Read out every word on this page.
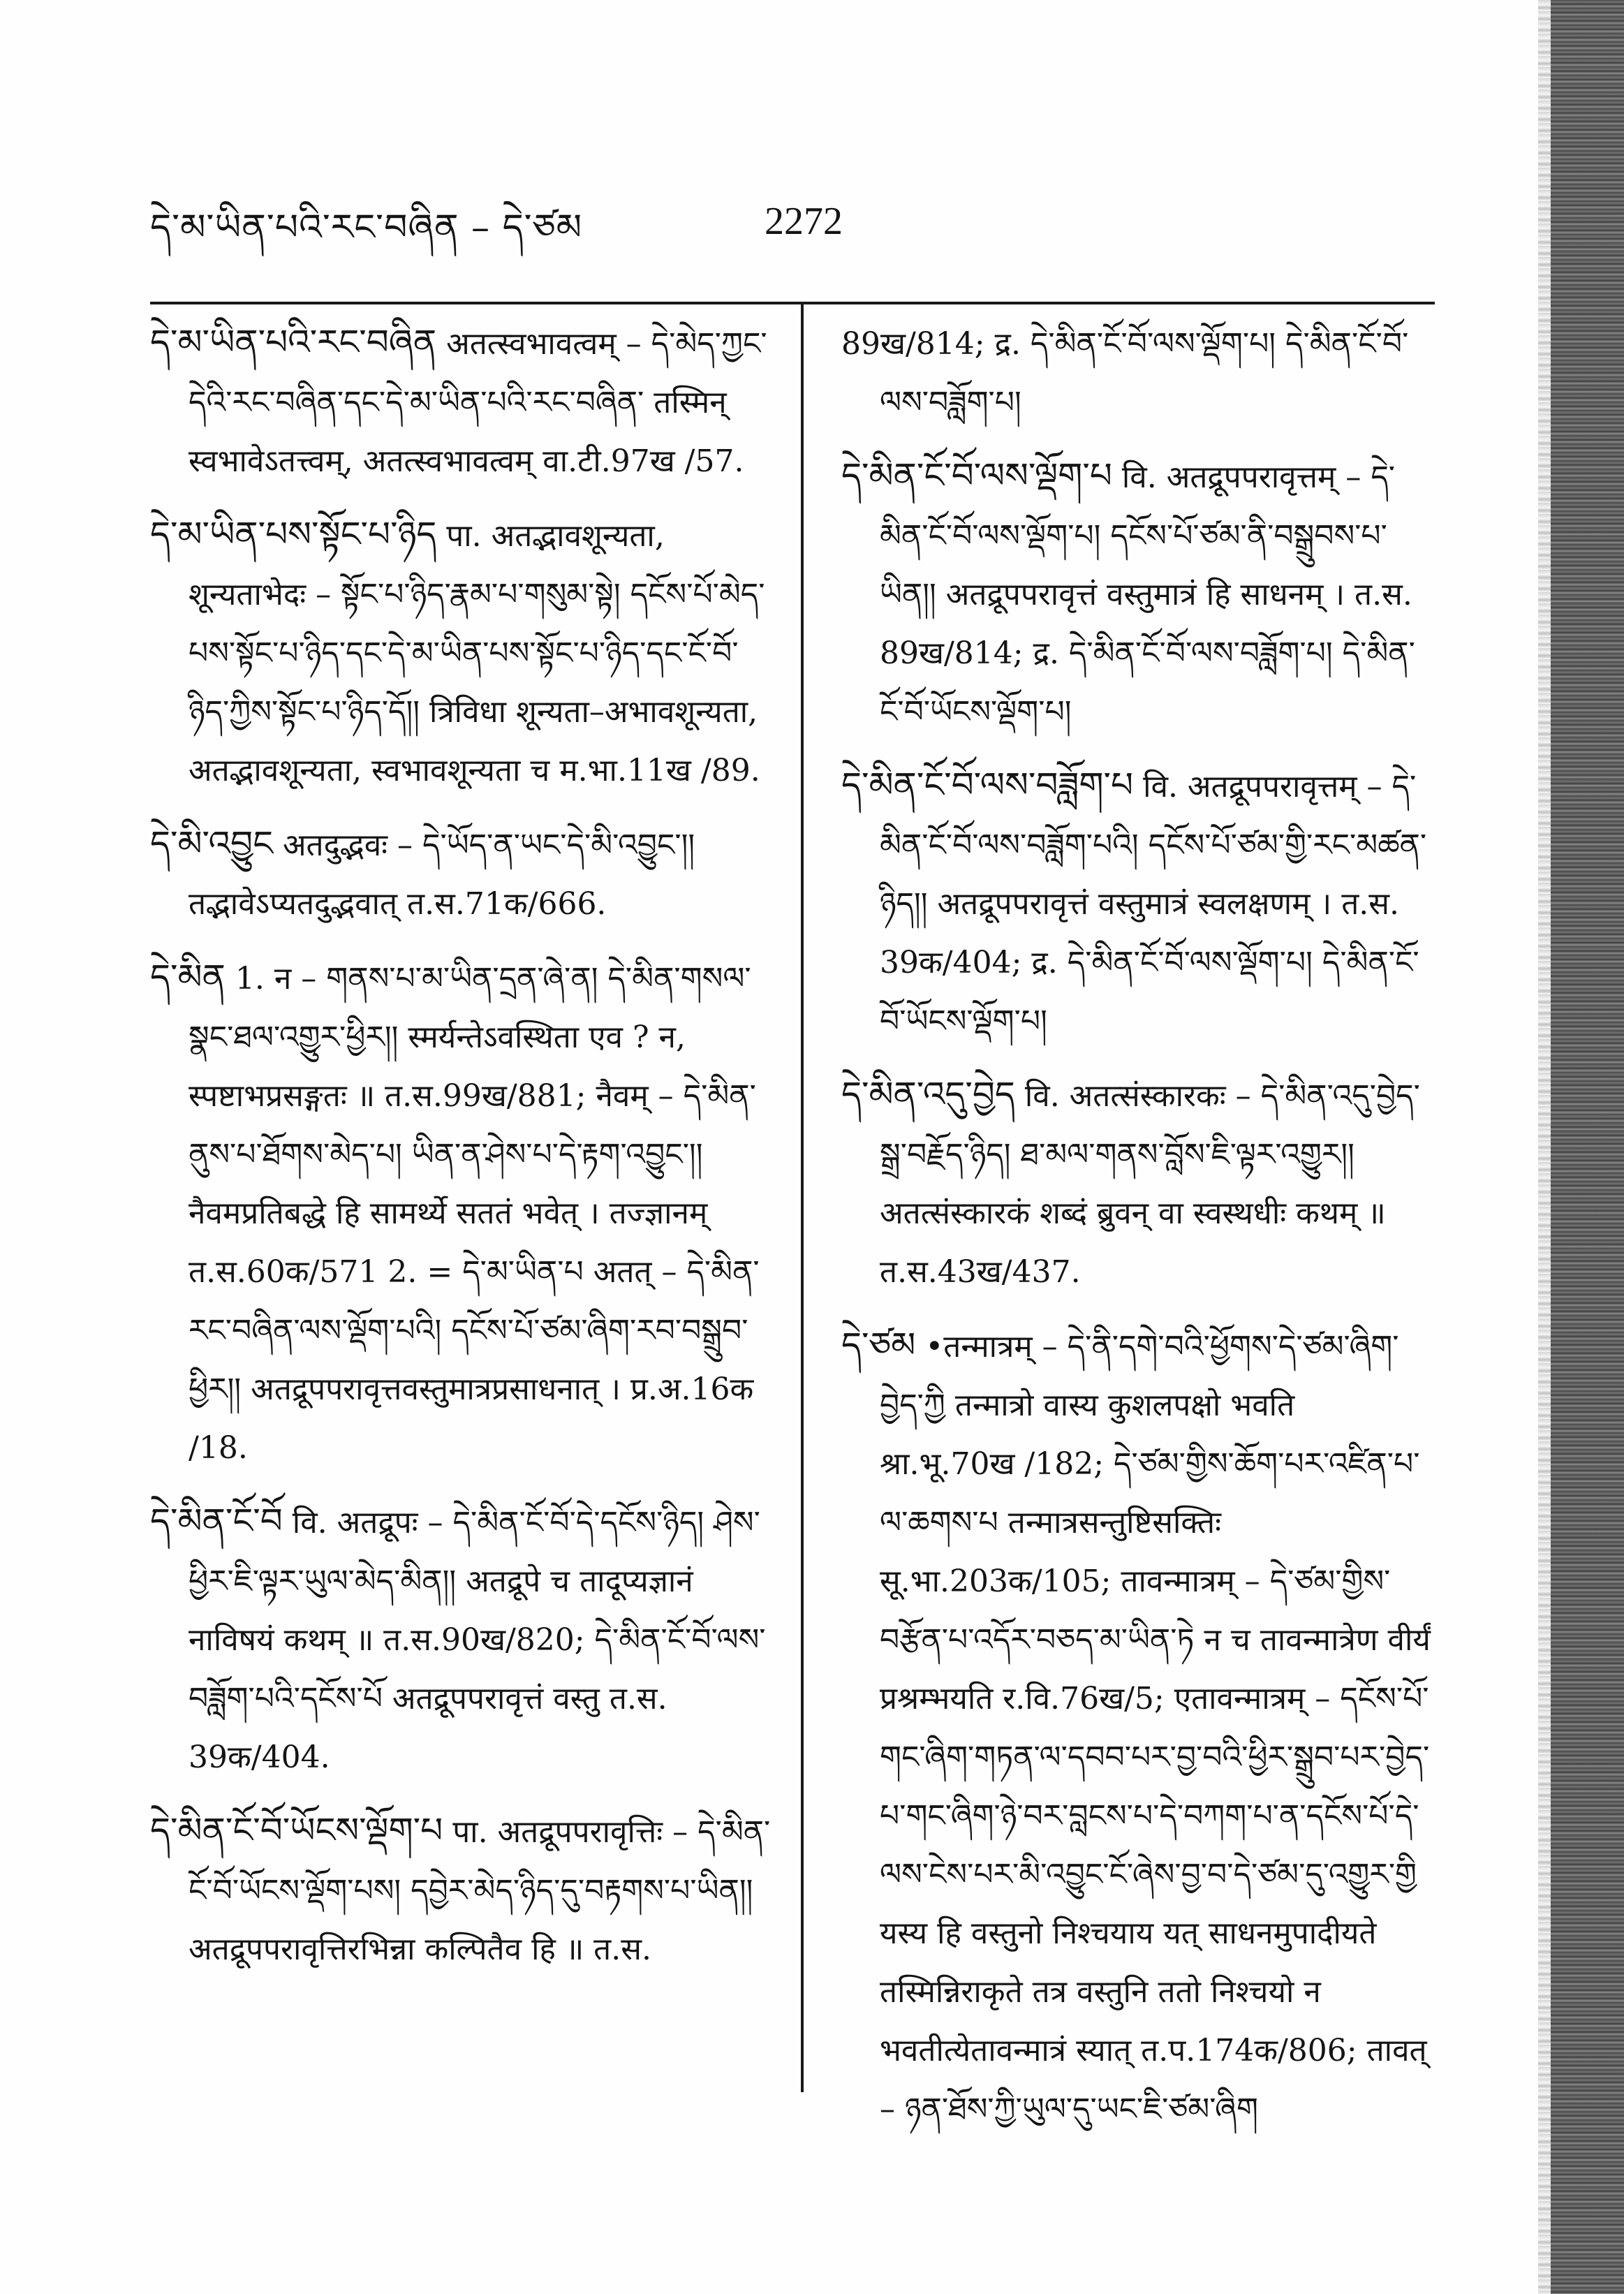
དེ་མ་ཡིན་པའི་རང་བཞིན – དེ་ཙམ	2272

དེ་མ་ཡིན་པའི་རང་བཞིན अतत्स्वभावत्वम् – དེ་མེད་ཀྱང་དེའི་རང་བཞིན་དང་དེ་མ་ཡིན་པའི་རང་བཞིན་ तस्मिन् स्वभावेऽतत्त्वम्, अतत्स्वभावत्वम् वा.टी.97ख /57.

དེ་མ་ཡིན་པས་སྟོང་པ་ཉིད पा. अतद्भावशून्यता, शून्यताभेदः – སྟོང་པ་ཉིད་རྣམ་པ་གསུམ་སྟེ། དངོས་པོ་མེད་པས་སྟོང་པ་ཉིད་དང་དེ་མ་ཡིན་པས་སྟོང་པ་ཉིད་དང་ངོ་བོ་ཉིད་ཀྱིས་སྟོང་པ་ཉིད་དོ།། त्रिविधा शून्यता–अभावशून्यता, अतद्भावशून्यता, स्वभावशून्यता च म.भा.11ख /89.

དེ་མི་འབྱུང अतदुद्भवः – དེ་ཡོད་ན་ཡང་དེ་མི་འབྱུང་།། तद्भावेऽप्यतदुद्भवात् त.स.71क/666.

དེ་མིན 1. न – གནས་པ་མ་ཡིན་དྲན་ཞེ་ན། དེ་མིན་གསལ་སྣང་ཐལ་འགྱུར་ཕྱིར།། स्मर्यन्तेऽवस्थिता एव ? न, स्पष्टाभप्रसङ्गतः ॥ त.स.99ख/881; नैवम् – དེ་མིན་ནུས་པ་ཐོགས་མེད་པ། ཡིན་ན་ཤེས་པ་དེ་རྟག་འབྱུང་།། नैवमप्रतिबद्धे हि सामर्थ्ये सततं भवेत् । तज्ज्ञानम् त.स.60क/571 2. = དེ་མ་ཡིན་པ अतत् – དེ་མིན་རང་བཞིན་ལས་ལྡོག་པའི། དངོས་པོ་ཙམ་ཞིག་རབ་བསྒྲུབ་ཕྱིར།། अतद्रूपपरावृत्तवस्तुमात्रप्रसाधनात् । प्र.अ.16क /18.

དེ་མིན་ངོ་བོ वि. अतद्रूपः – དེ་མིན་ངོ་བོ་དེ་དངོས་ཉིད། ཤེས་ཕྱིར་ཇི་ལྟར་ཡུལ་མེད་མིན།། अतद्रूपे च तादूप्यज्ञानं नाविषयं कथम् ॥ त.स.90ख/820; དེ་མིན་ངོ་བོ་ལས་བཟློག་པའི་དངོས་པོ अतद्रूपपरावृत्तं वस्तु त.स. 39क/404.

དེ་མིན་ངོ་བོ་ཡོངས་ལྡོག་པ पा. अतद्रूपपरावृत्तिः – དེ་མིན་ངོ་བོ་ཡོངས་ལྡོག་པས། དབྱེར་མེད་ཉིད་དུ་བརྟགས་པ་ཡིན།། अतद्रूपपरावृत्तिरभिन्ना कल्पितैव हि ॥ त.स.

89ख/814; द्र. དེ་མིན་ངོ་བོ་ལས་ལྡོག་པ། དེ་མིན་ངོ་བོ་ལས་བཟློག་པ།

དེ་མིན་ངོ་བོ་ལས་ལྡོག་པ वि. अतद्रूपपरावृत्तम् – དེ་མིན་ངོ་བོ་ལས་ལྡོག་པ། དངོས་པོ་ཙམ་ནི་བསྒྲུབས་པ་ཡིན།། अतद्रूपपरावृत्तं वस्तुमात्रं हि साधनम् । त.स. 89ख/814; द्र. དེ་མིན་ངོ་བོ་ལས་བཟློག་པ། དེ་མིན་ངོ་བོ་ཡོངས་ལྡོག་པ།

དེ་མིན་ངོ་བོ་ལས་བཟློག་པ वि. अतद्रूपपरावृत्तम् – དེ་མིན་ངོ་བོ་ལས་བཟློག་པའི། དངོས་པོ་ཙམ་གྱི་རང་མཚན་ཉིད།། अतद्रूपपरावृत्तं वस्तुमात्रं स्वलक्षणम् । त.स. 39क/404; द्र. དེ་མིན་ངོ་བོ་ལས་ལྡོག་པ། དེ་མིན་ངོ་བོ་ཡོངས་ལྡོག་པ།

དེ་མིན་འདུ་བྱེད वि. अतत्संस्कारकः – དེ་མིན་འདུ་བྱེད་སྒྲ་བརྗོད་ཉིད། ཐ་མལ་གནས་བློས་ཇི་ལྟར་འགྱུར།། अतत्संस्कारकं शब्दं ब्रुवन् वा स्वस्थधीः कथम् ॥ त.स.43ख/437.

དེ་ཙམ •तन्मात्रम् – དེ་ནི་དགེ་བའི་ཕྱོགས་དེ་ཙམ་ཞིག་བྱེད་ཀྱི तन्मात्रो वास्य कुशलपक्षो भवति श्रा.भू.70ख /182; དེ་ཙམ་གྱིས་ཆོག་པར་འཛིན་པ་ལ་ཆགས་པ तन्मात्रसन्तुष्टिसक्तिः सू.भा.203क/105; तावन्मात्रम् – དེ་ཙམ་གྱིས་བརྩོན་པ་འདོར་བཅད་མ་ཡིན་ཏེ न च तावन्मात्रेण वीर्यं प्रश्रम्भयति र.वि.76ख/5; एतावन्मात्रम् – དངོས་པོ་གང་ཞིག་གཏན་ལ་དབབ་པར་བྱ་བའི་ཕྱིར་སྒྲུབ་པར་བྱེད་པ་གང་ཞིག་ཉེ་བར་བླངས་པ་དེ་བཀག་པ་ན་དངོས་པོ་དེ་ལས་ངེས་པར་མི་འབྱུང་ངོ་ཞེས་བྱ་བ་དེ་ཙམ་དུ་འགྱུར་གྱི यस्य हि वस्तुनो निश्चयाय यत् साधनमुपादीयते तस्मिन्निराकृते तत्र वस्तुनि ततो निश्चयो न भवतीत्येतावन्मात्रं स्यात् त.प.174क/806; तावत् – ཉན་ཐོས་ཀྱི་ཡུལ་དུ་ཡང་ཇི་ཙམ་ཞིག
